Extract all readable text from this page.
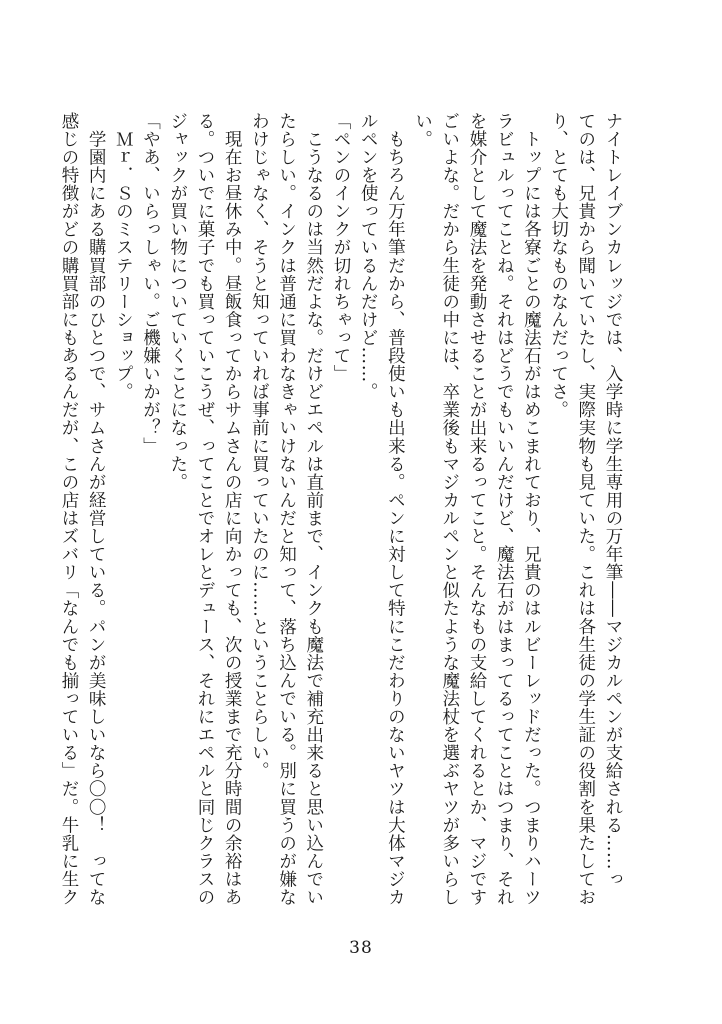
ナイトレイブンカレッジでは、入学時に学生専用の万年筆――マジカルペンが支給される……っ

てのは、兄貴から聞いていたし、実際実物も見ていた。これは各生徒の学生証の役割を果たしてお

り、とても大切なものなんだってさ。

　トップには各寮ごとの魔法石がはめこまれており、兄貴のはルビーレッドだった。つまりハーツ

ラビュルってことね。それはどうでもいいんだけど、魔法石がはまってるってことはつまり、それ

を媒介として魔法を発動させることが出来るってこと。そんなもの支給してくれるとか、マジです

ごいよな。だから生徒の中には、卒業後もマジカルペンと似たような魔法杖を選ぶヤツが多いらし

い。

　もちろん万年筆だから、普段使いも出来る。ペンに対して特にこだわりのないヤツは大体マジカ

ルペンを使っているんだけど……。

「ペンのインクが切れちゃって」

　こうなるのは当然だよな。だけどエペルは直前まで、インクも魔法で補充出来ると思い込んでい

たらしい。インクは普通に買わなきゃいけないんだと知って、落ち込んでいる。別に買うのが嫌な

わけじゃなく、そうと知っていれば事前に買っていたのに……ということらしい。

　現在お昼休み中。昼飯食ってからサムさんの店に向かっても、次の授業まで充分時間の余裕はあ

る。ついでに菓子でも買っていこうぜ、ってことでオレとデュース、それにエペルと同じクラスの

ジャックが買い物についていくことになった。

「やあ、いらっしゃい。ご機嫌いかが？」

　Ｍｒ．Ｓのミステリーショップ。

　学園内にある購買部のひとつで、サムさんが経営している。パンが美味しいなら〇〇！　ってな

感じの特徴がどの購買部にもあるんだが、この店はズバリ「なんでも揃っている」だ。牛乳に生ク

38
